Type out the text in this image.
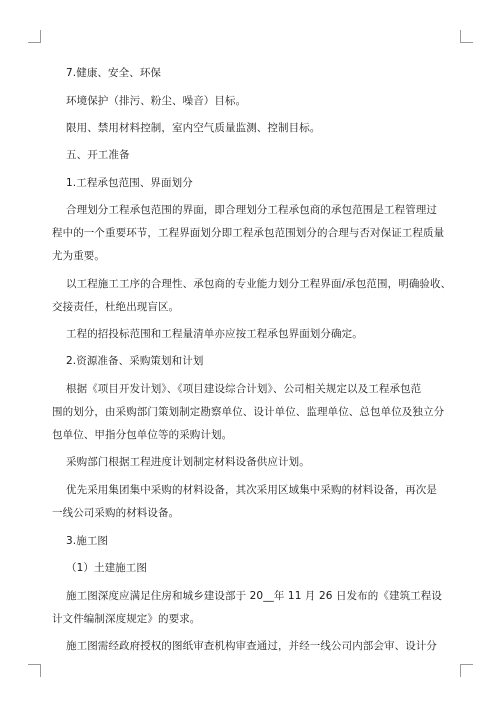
7.健康、安全、环保
环境保护（排污、粉尘、噪音）目标。
限用、禁用材料控制，室内空气质量监测、控制目标。
五、开工准备
1.工程承包范围、界面划分
合理划分工程承包范围的界面，即合理划分工程承包商的承包范围是工程管理过
程中的一个重要环节，工程界面划分即工程承包范围划分的合理与否对保证工程质量
尤为重要。
以工程施工工序的合理性、承包商的专业能力划分工程界面/承包范围，明确验收、
交接责任，杜绝出现盲区。
工程的招投标范围和工程量清单亦应按工程承包界面划分确定。
2.资源准备、采购策划和计划
根据《项目开发计划》、《项目建设综合计划》、公司相关规定以及工程承包范
围的划分，由采购部门策划制定勘察单位、设计单位、监理单位、总包单位及独立分
包单位、甲指分包单位等的采购计划。
采购部门根据工程进度计划制定材料设备供应计划。
优先采用集团集中采购的材料设备，其次采用区域集中采购的材料设备，再次是
一线公司采购的材料设备。
3.施工图
（1）土建施工图
施工图深度应满足住房和城乡建设部于 20__年 11 月 26 日发布的《建筑工程设
计文件编制深度规定》的要求。
施工图需经政府授权的图纸审查机构审查通过，并经一线公司内部会审、设计分
